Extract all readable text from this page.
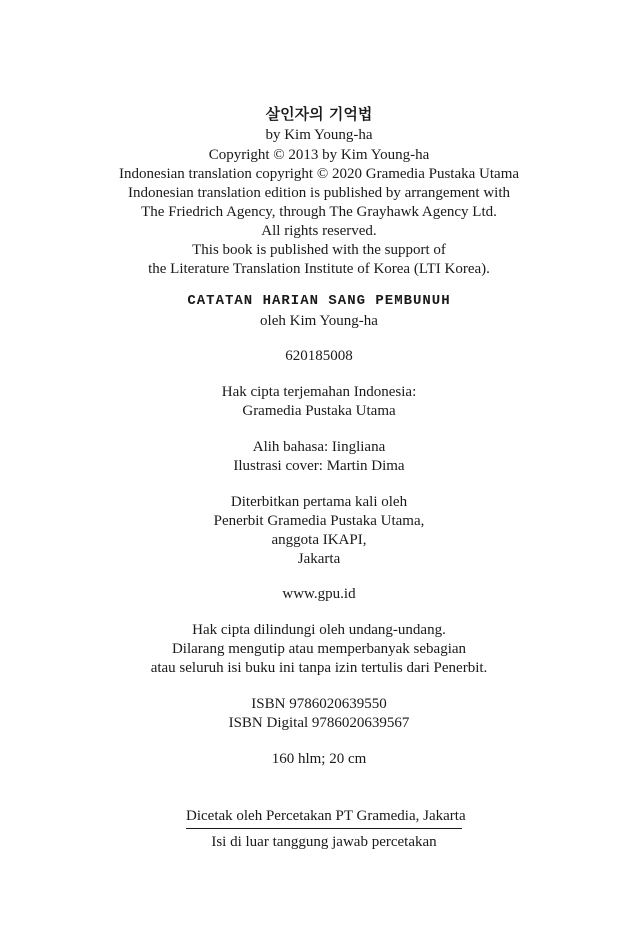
살인자의 기억법
by Kim Young-ha
Copyright © 2013 by Kim Young-ha
Indonesian translation copyright © 2020 Gramedia Pustaka Utama
Indonesian translation edition is published by arrangement with
The Friedrich Agency, through The Grayhawk Agency Ltd.
All rights reserved.
This book is published with the support of
the Literature Translation Institute of Korea (LTI Korea).
CATATAN HARIAN SANG PEMBUNUH
oleh Kim Young-ha
620185008
Hak cipta terjemahan Indonesia:
Gramedia Pustaka Utama
Alih bahasa: Iingliana
Ilustrasi cover: Martin Dima
Diterbitkan pertama kali oleh
Penerbit Gramedia Pustaka Utama,
anggota IKAPI,
Jakarta
www.gpu.id
Hak cipta dilindungi oleh undang-undang.
Dilarang mengutip atau memperbanyak sebagian
atau seluruh isi buku ini tanpa izin tertulis dari Penerbit.
ISBN 9786020639550
ISBN Digital 9786020639567
160 hlm; 20 cm
Dicetak oleh Percetakan PT Gramedia, Jakarta
Isi di luar tanggung jawab percetakan
